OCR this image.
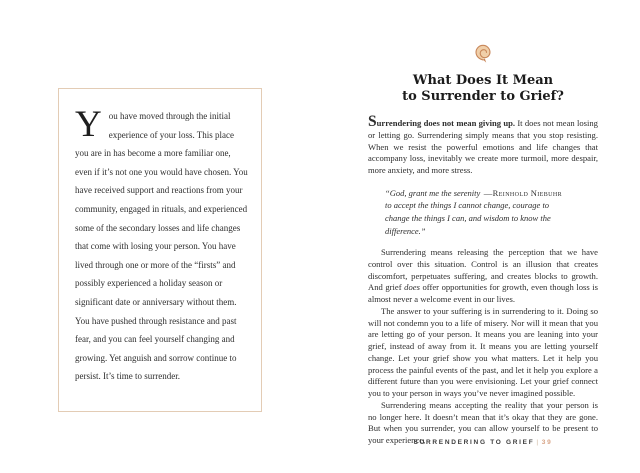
You have moved through the initial experience of your loss. This place you are in has become a more familiar one, even if it’s not one you would have chosen. You have received support and reactions from your community, engaged in rituals, and experienced some of the secondary losses and life changes that come with losing your person. You have lived through one or more of the “firsts” and possibly experienced a holiday season or significant date or anniversary without them. You have pushed through resistance and past fear, and you can feel yourself changing and growing. Yet anguish and sorrow continue to persist. It’s time to surrender.
What Does It Mean
to Surrender to Grief?

Surrendering does not mean giving up. It does not mean losing or letting go. Surrendering simply means that you stop resisting. When we resist the powerful emotions and life changes that accompany loss, inevitably we create more turmoil, more despair, more anxiety, and more stress.

—Reinhold Niebuhr
“God, grant me the serenity to accept the things I cannot change, courage to change the things I can, and wisdom to know the difference.”

Surrendering means releasing the perception that we have control over this situation. Control is an illusion that creates discomfort, perpetuates suffering, and creates blocks to growth. And grief does offer opportunities for growth, even though loss is almost never a welcome event in our lives.

The answer to your suffering is in surrendering to it. Doing so will not condemn you to a life of misery. Nor will it mean that you are letting go of your person. It means you are leaning into your grief, instead of away from it. It means you are letting yourself change. Let your grief show you what matters. Let it help you process the painful events of the past, and let it help you explore a different future than you were envisioning. Let your grief connect you to your person in ways you’ve never imagined possible.

Surrendering means accepting the reality that your person is no longer here. It doesn’t mean that it’s okay that they are gone. But when you surrender, you can allow yourself to be present to your experience,

SURRENDERING TO GRIEF | 39
